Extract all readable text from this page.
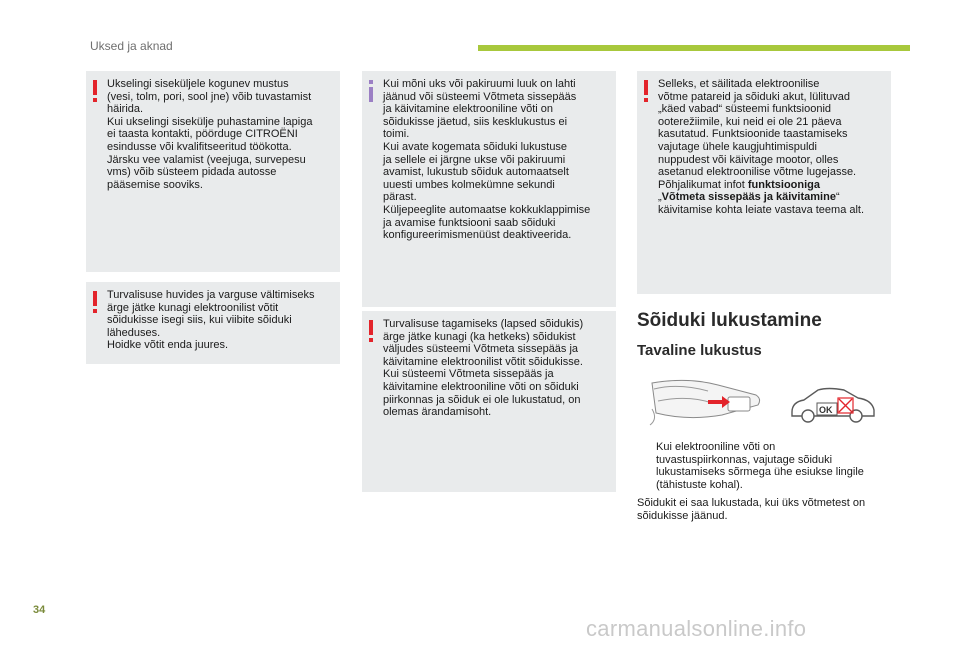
Uksed ja aknad

Ukselingi siseküljele kogunev mustus
(vesi, tolm, pori, sool jne) võib tuvastamist
häirida.
Kui ukselingi sisekülje puhastamine lapiga
ei taasta kontakti, pöörduge CITROËNI
esindusse või kvalifitseeritud töökotta.
Järsku vee valamist (veejuga, survepesu
vms) võib süsteem pidada autosse
pääsemise sooviks.

Turvalisuse huvides ja varguse vältimiseks
ärge jätke kunagi elektroonilist võtit
sõidukisse isegi siis, kui viibite sõiduki
läheduses.
Hoidke võtit enda juures.

Kui mõni uks või pakiruumi luuk on lahti
jäänud või süsteemi Võtmeta sissepääs
ja käivitamine elektrooniline võti on
sõidukisse jäetud, siis kesklukustus ei
toimi.
Kui avate kogemata sõiduki lukustuse
ja sellele ei järgne ukse või pakiruumi
avamist, lukustub sõiduk automaatselt
uuesti umbes kolmekümne sekundi
pärast.
Küljepeeglite automaatse kokkuklappimise
ja avamise funktsiooni saab sõiduki
konfigureerimismenüüst deaktiveerida.

Turvalisuse tagamiseks (lapsed sõidukis)
ärge jätke kunagi (ka hetkeks) sõidukist
väljudes süsteemi Võtmeta sissepääs ja
käivitamine elektroonilist võtit sõidukisse.
Kui süsteemi Võtmeta sissepääs ja
käivitamine elektrooniline võti on sõiduki
piirkonnas ja sõiduk ei ole lukustatud, on
olemas ärandamisoht.

Selleks, et säilitada elektroonilise
võtme patareid ja sõiduki akut, lülituvad
„käed vabad“ süsteemi funktsioonid
ooterežiimile, kui neid ei ole 21 päeva
kasutatud. Funktsioonide taastamiseks
vajutage ühele kaugjuhtimispuldi
nuppudest või käivitage mootor, olles
asetanud elektroonilise võtme lugejasse.
Põhjalikumat infot funktsiooniga
„Võtmeta sissepääs ja käivitamine“
käivitamise kohta leiate vastava teema alt.

Sõiduki lukustamine
Tavaline lukustus
OK
Kui elektrooniline võti on
tuvastuspiirkonnas, vajutage sõiduki
lukustamiseks sõrmega ühe esiukse lingile
(tähistuste kohal).
Sõidukit ei saa lukustada, kui üks võtmetest on
sõidukisse jäänud.
34
carmanualsonline.info
